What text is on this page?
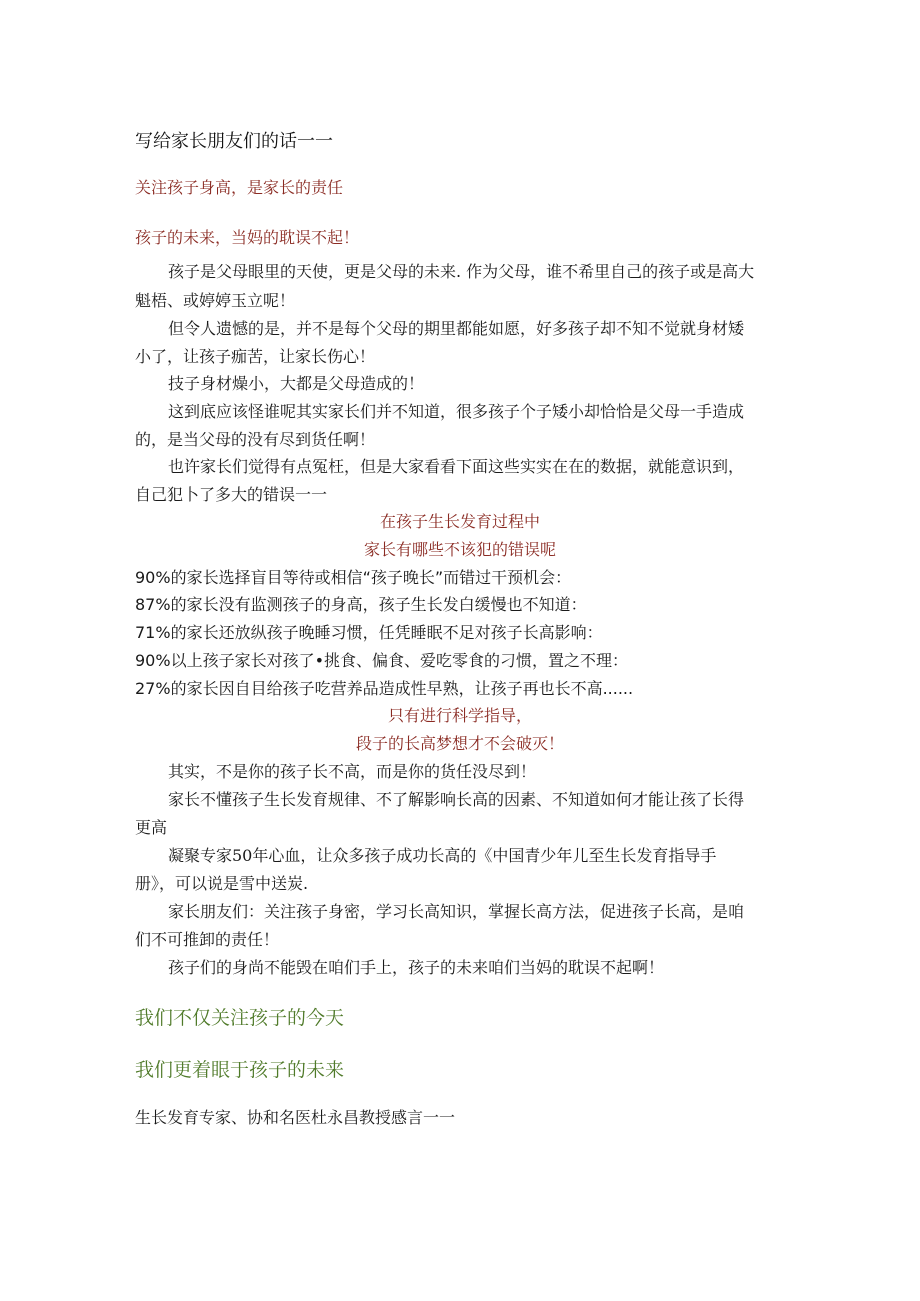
写给家长朋友们的话一一

关注孩子身高，是家长的责任

孩子的未来，当妈的耽误不起！

孩子是父母眼里的天使，更是父母的未来. 作为父母，谁不希里自己的孩子或是高大

魁梧、或婷婷玉立呢！

但令人遗憾的是，并不是每个父母的期里都能如愿，好多孩子却不知不觉就身材矮

小了，让孩子痂苦，让家长伤心！

技子身材燥小，大都是父母造成的！

这到底应该怪谁呢其实家长们并不知道，很多孩子个子矮小却恰恰是父母一手造成

的，是当父母的没有尽到货任啊！

也许家长们觉得有点冤枉，但是大家看看下面这些实实在在的数据，就能意识到，

自己犯卜了多大的错误一一

在孩子生长发育过程中

家长有哪些不该犯的错误呢

90%的家长选择盲目等待或相信“孩子晚长”而错过干预机会：

87%的家长没有监测孩子的身高，孩子生长发白缓慢也不知道：

71%的家长还放纵孩子晚睡习惯，任凭睡眠不足对孩子长高影响：

90%以上孩子家长对孩了•挑食、偏食、爱吃零食的刁惯，置之不理：

27%的家长因自目给孩子吃营养品造成性早熟，让孩子再也长不高......

只有进行科学指导，

段子的长高梦想才不会破灭！

其实，不是你的孩子长不高，而是你的货任没尽到！

家长不懂孩子生长发育规律、不了解影响长高的因素、不知道如何才能让孩了长得

更高

凝聚专家50年心血，让众多孩子成功长高的《中国青少年儿至生长发育指导手

册》，可以说是雪中送炭.

家长朋友们：关注孩子身密，学习长高知识，掌握长高方法，促进孩子长高，是咱

们不可推卸的责任！

孩子们的身尚不能毁在咱们手上，孩子的未来咱们当妈的耽误不起啊！

我们不仅关注孩子的今天

我们更着眼于孩子的未来

生长发育专家、协和名医杜永昌教授感言一一
